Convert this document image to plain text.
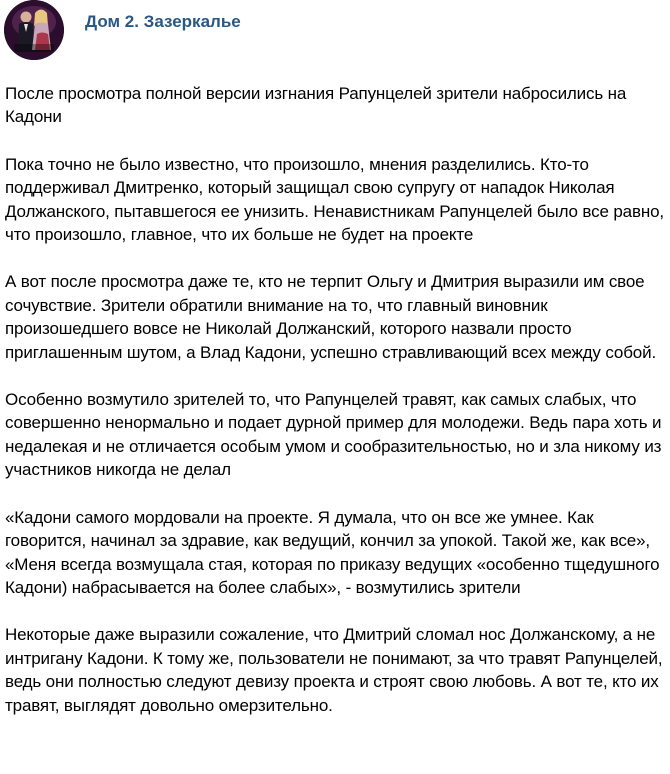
Дом 2. Зазеркалье

После просмотра полной версии изгнания Рапунцелей зрители набросились на Кадони

Пока точно не было известно, что произошло, мнения разделились. Кто-то поддерживал Дмитренко, который защищал свою супругу от нападок Николая Должанского, пытавшегося ее унизить. Ненавистникам Рапунцелей было все равно, что произошло, главное, что их больше не будет на проекте

А вот после просмотра даже те, кто не терпит Ольгу и Дмитрия выразили им свое сочувствие. Зрители обратили внимание на то, что главный виновник произошедшего вовсе не Николай Должанский, которого назвали просто приглашенным шутом, а Влад Кадони, успешно стравливающий всех между собой.

Особенно возмутило зрителей то, что Рапунцелей травят, как самых слабых, что совершенно ненормально и подает дурной пример для молодежи. Ведь пара хоть и недалекая и не отличается особым умом и сообразительностью, но и зла никому из участников никогда не делал

«Кадони самого мордовали на проекте. Я думала, что он все же умнее. Как говорится, начинал за здравие, как ведущий, кончил за упокой. Такой же, как все», «Меня всегда возмущала стая, которая по приказу ведущих «особенно тщедушного Кадони) набрасывается на более слабых», - возмутились зрители

Некоторые даже выразили сожаление, что Дмитрий сломал нос Должанскому, а не интригану Кадони. К тому же, пользователи не понимают, за что травят Рапунцелей, ведь они полностью следуют девизу проекта и строят свою любовь. А вот те, кто их травят, выглядят довольно омерзительно.
